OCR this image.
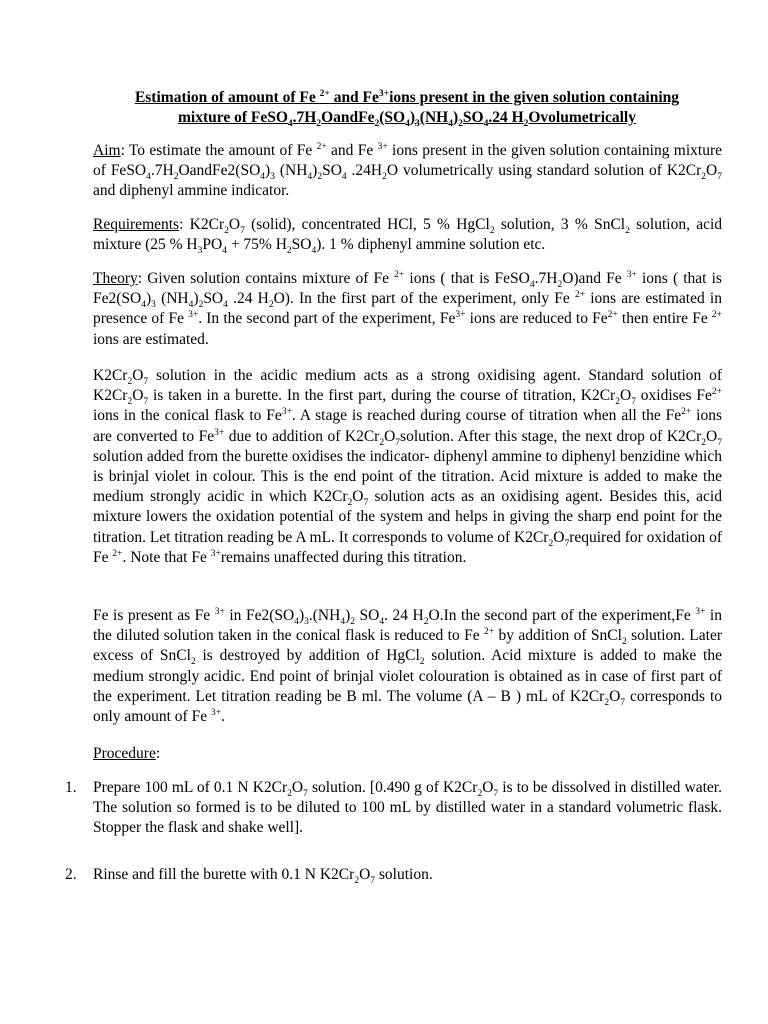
Estimation of amount of Fe $^{2+}$ and $Fe^{3+}ions$ present in the given solution containing
mixture of $FeSO_4.7H_2OandFe_2(SO_4)_3(NH_4)_2SO_4.24$ $H_2Ovolumetrically$

Aim: To estimate the amount of Fe $^{2+}$ and Fe $^{3+}$ ions present in the given solution containing mixture of $FeSO_4.7H_2OandFe2(SO_4)_3$ $(NH_4)_2SO_4$ $.24H_2O$ volumetrically using standard solution of $K2Cr_2O_7$ and diphenyl ammine indicator.

Requirements: $K2Cr_2O_7$ (solid), concentrated HCl, 5 % HgCl$_2$ solution, 3 % SnCl$_2$ solution, acid mixture (25 % $H_3PO_4 + 75\%$ $H_2SO_4$). 1 % diphenyl ammine solution etc.

Theory: Given solution contains mixture of Fe $^{2+}$ ions ( that is $FeSO_4.7H_2O)and$ Fe $^{3+}$ ions ( that is $Fe2(SO_4)_3$ $(NH_4)_2SO_4$ .24 $H_2O$). In the first part of the experiment, only Fe $^{2+}$ ions are estimated in presence of Fe $^{3+}$. In the second part of the experiment, $Fe^{3+}$ ions are reduced to $Fe^{2+}$ then entire Fe $^{2+}$ ions are estimated.

$K2Cr_2O_7$ solution in the acidic medium acts as a strong oxidising agent. Standard solution of $K2Cr_2O_7$ is taken in a burette. In the first part, during the course of titration, $K2Cr_2O_7$ oxidises $Fe^{2+}$ ions in the conical flask to $Fe^{3+}$. A stage is reached during course of titration when all the $Fe^{2+}$ ions are converted to $Fe^{3+}$ due to addition of $K2Cr_2O_7solution$. After this stage, the next drop of $K2Cr_2O_7$ solution added from the burette oxidises the indicator- diphenyl ammine to diphenyl benzidine which is brinjal violet in colour. This is the end point of the titration. Acid mixture is added to make the medium strongly acidic in which $K2Cr_2O_7$ solution acts as an oxidising agent. Besides this, acid mixture lowers the oxidation potential of the system and helps in giving the sharp end point for the titration. Let titration reading be A mL. It corresponds to volume of $K2Cr_2O_7required$ for oxidation of Fe $^{2+}$. Note that Fe $^{3+}$remains unaffected during this titration.

Fe is present as Fe $^{3+}$ in $Fe2(SO_4)_3.(NH_4)_2$ $SO_4$. 24 $H_2O.In$ the second part of the experiment,Fe $^{3+}$ in the diluted solution taken in the conical flask is reduced to Fe $^{2+}$ by addition of SnCl$_2$ solution. Later excess of SnCl$_2$ is destroyed by addition of HgCl$_2$ solution. Acid mixture is added to make the medium strongly acidic. End point of brinjal violet colouration is obtained as in case of first part of the experiment. Let titration reading be B ml. The volume (A – B ) mL of $K2Cr_2O_7$ corresponds to only amount of Fe $^{3+}$.

Procedure:

1. Prepare 100 mL of 0.1 N $K2Cr_2O_7$ solution. [0.490 g of $K2Cr_2O_7$ is to be dissolved in distilled water. The solution so formed is to be diluted to 100 mL by distilled water in a standard volumetric flask. Stopper the flask and shake well].
2. Rinse and fill the burette with 0.1 N $K2Cr_2O_7$ solution.
